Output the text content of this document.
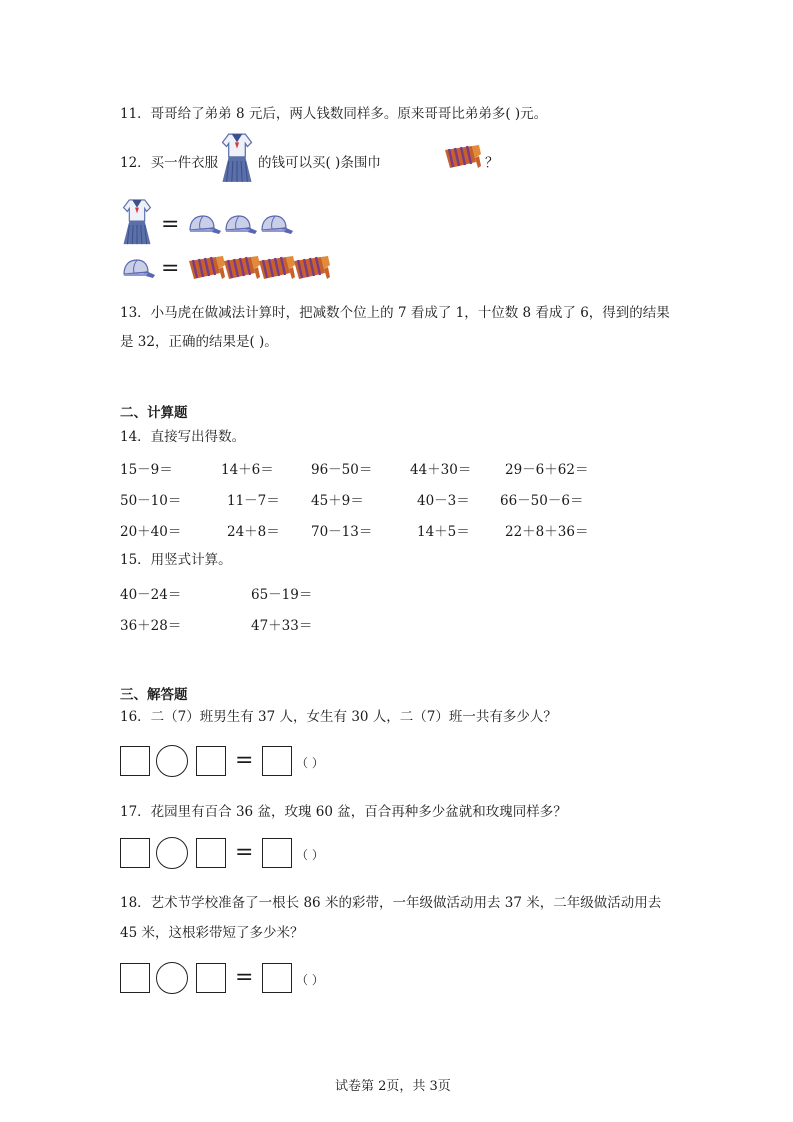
11．哥哥给了弟弟 8 元后，两人钱数同样多。原来哥哥比弟弟多( )元。
12．买一件衣服	的钱可以买( )条围巾	？
=
=
13．小马虎在做减法计算时，把减数个位上的 7 看成了 1，十位数 8 看成了 6，得到的结果
是 32，正确的结果是( )。
二、计算题
14．直接写出得数。
15－9＝	14＋6＝	96－50＝	44＋30＝ 29－6＋62＝
50－10＝	11－7＝ 45＋9＝	40－3＝ 66－50－6＝
20＋40＝	24＋8＝ 70－13＝	14＋5＝	22＋8＋36＝
15．用竖式计算。
40－24＝	65－19＝
36＋28＝	47＋33＝
三、解答题
16．二（7）班男生有 37 人，女生有 30 人，二（7）班一共有多少人？
=	（ ）
17．花园里有百合 36 盆，玫瑰 60 盆，百合再种多少盆就和玫瑰同样多？
=	（ ）
18．艺术节学校准备了一根长 86 米的彩带，一年级做活动用去 37 米，二年级做活动用去
45 米，这根彩带短了多少米？
=	（ ）
试卷第 2页，共 3页
